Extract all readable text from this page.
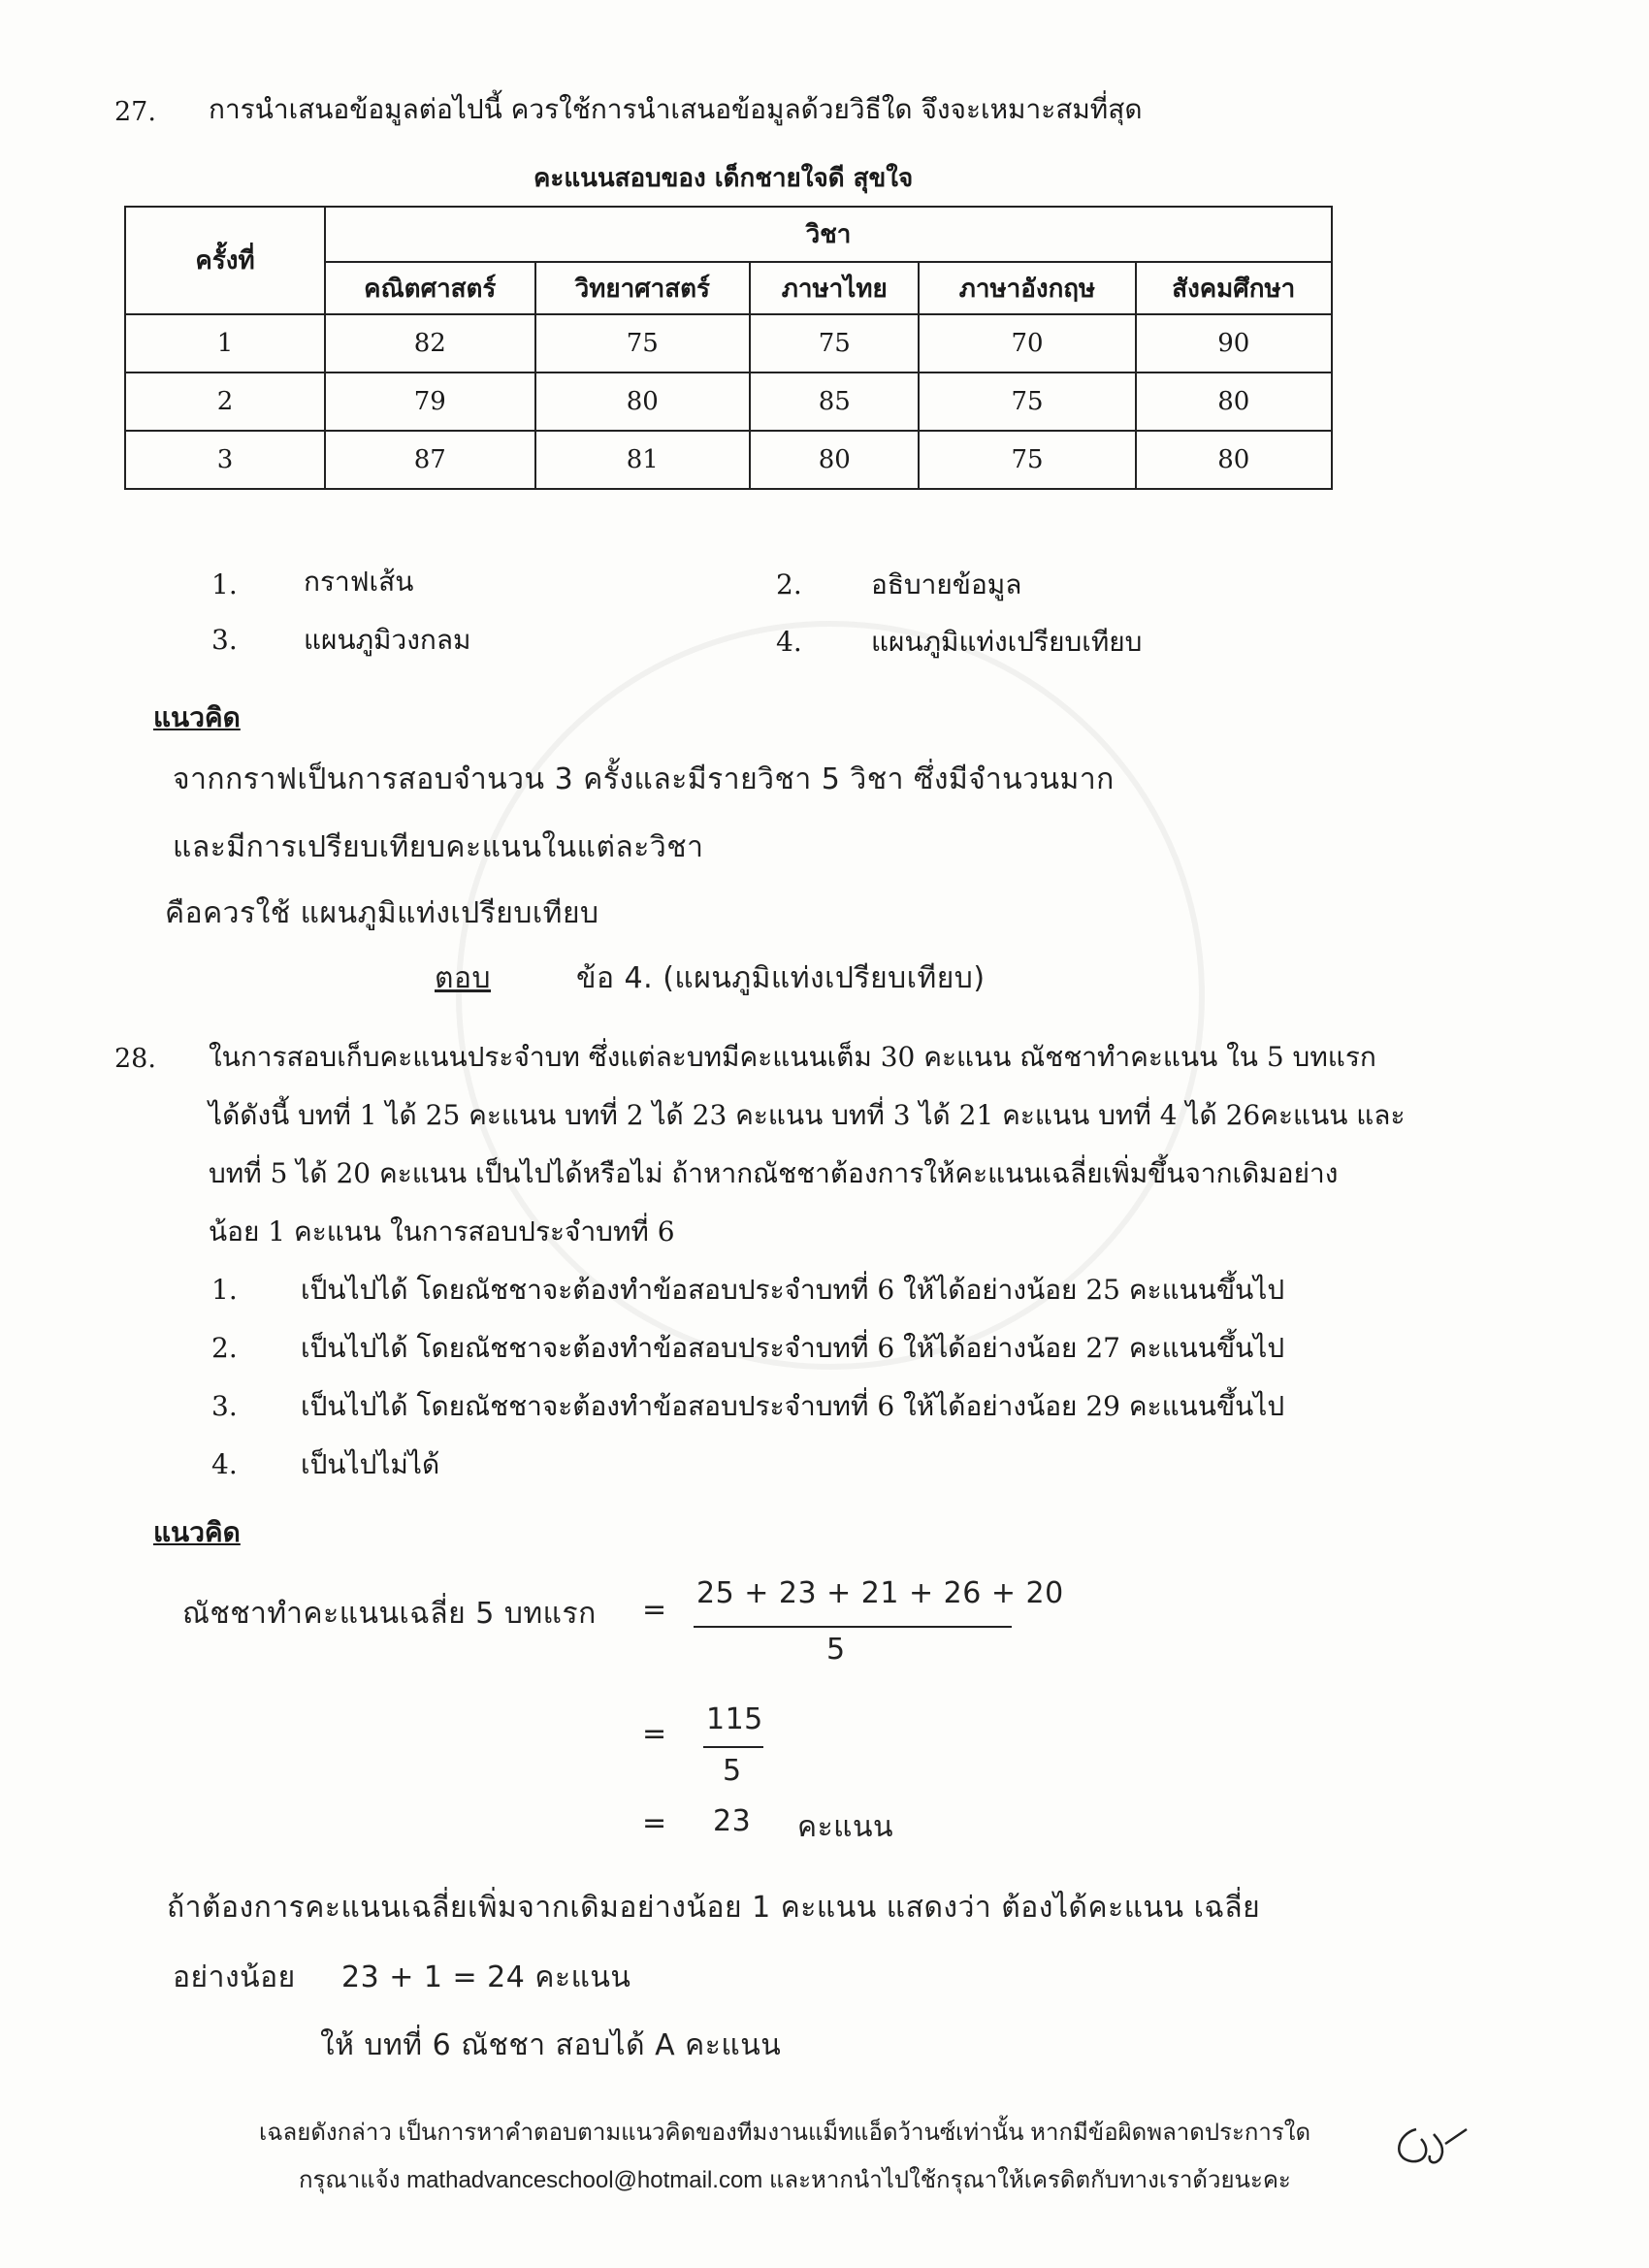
27. การนำเสนอข้อมูลต่อไปนี้ ควรใช้การนำเสนอข้อมูลด้วยวิธีใด จึงจะเหมาะสมที่สุด
คะแนนสอบของ เด็กชายใจดี สุขใจ
ครั้งที่	วิชา				
	คณิตศาสตร์	วิทยาศาสตร์	ภาษาไทย	ภาษาอังกฤษ	สังคมศึกษา
1	82	75	75	70	90
2	79	80	85	75	80
3	87	81	80	75	80
1. กราฟเส้น	2.	อธิบายข้อมูล
3. แผนภูมิวงกลม	4.	แผนภูมิแท่งเปรียบเทียบ
แนวคิด
จากกราฟเป็นการสอบจำนวน 3 ครั้งและมีรายวิชา 5 วิชา ซึ่งมีจำนวนมาก
และมีการเปรียบเทียบคะแนนในแต่ละวิชา
คือควรใช้ แผนภูมิแท่งเปรียบเทียบ
ตอบ	ข้อ 4. (แผนภูมิแท่งเปรียบเทียบ)
28. ในการสอบเก็บคะแนนประจำบท ซึ่งแต่ละบทมีคะแนนเต็ม 30 คะแนน ณัชชาทำคะแนน ใน 5 บทแรก
ได้ดังนี้ บทที่ 1 ได้ 25 คะแนน บทที่ 2 ได้ 23 คะแนน บทที่ 3 ได้ 21 คะแนน บทที่ 4 ได้ 26คะแนน และ
บทที่ 5 ได้ 20 คะแนน เป็นไปได้หรือไม่ ถ้าหากณัชชาต้องการให้คะแนนเฉลี่ยเพิ่มขึ้นจากเดิมอย่าง
น้อย 1 คะแนน ในการสอบประจำบทที่ 6
1. เป็นไปได้ โดยณัชชาจะต้องทำข้อสอบประจำบทที่ 6 ให้ได้อย่างน้อย 25 คะแนนขึ้นไป
2. เป็นไปได้ โดยณัชชาจะต้องทำข้อสอบประจำบทที่ 6 ให้ได้อย่างน้อย 27 คะแนนขึ้นไป
3. เป็นไปได้ โดยณัชชาจะต้องทำข้อสอบประจำบทที่ 6 ให้ได้อย่างน้อย 29 คะแนนขึ้นไป
4. เป็นไปไม่ได้
แนวคิด
ณัชชาทำคะแนนเฉลี่ย 5 บทแรก = 25 + 23 + 21 + 26 + 20
5
= 115
5
= 23 คะแนน
ถ้าต้องการคะแนนเฉลี่ยเพิ่มจากเดิมอย่างน้อย 1 คะแนน แสดงว่า ต้องได้คะแนน เฉลี่ย
อย่างน้อย 23 + 1 = 24 คะแนน
ให้ บทที่ 6 ณัชชา สอบได้ A คะแนน
เฉลยดังกล่าว เป็นการหาคำตอบตามแนวคิดของทีมงานแม็ทแอ็ดว้านซ์เท่านั้น หากมีข้อผิดพลาดประการใด
กรุณาแจ้ง mathadvanceschool@hotmail.com และหากนำไปใช้กรุณาให้เครดิตกับทางเราด้วยนะคะ
